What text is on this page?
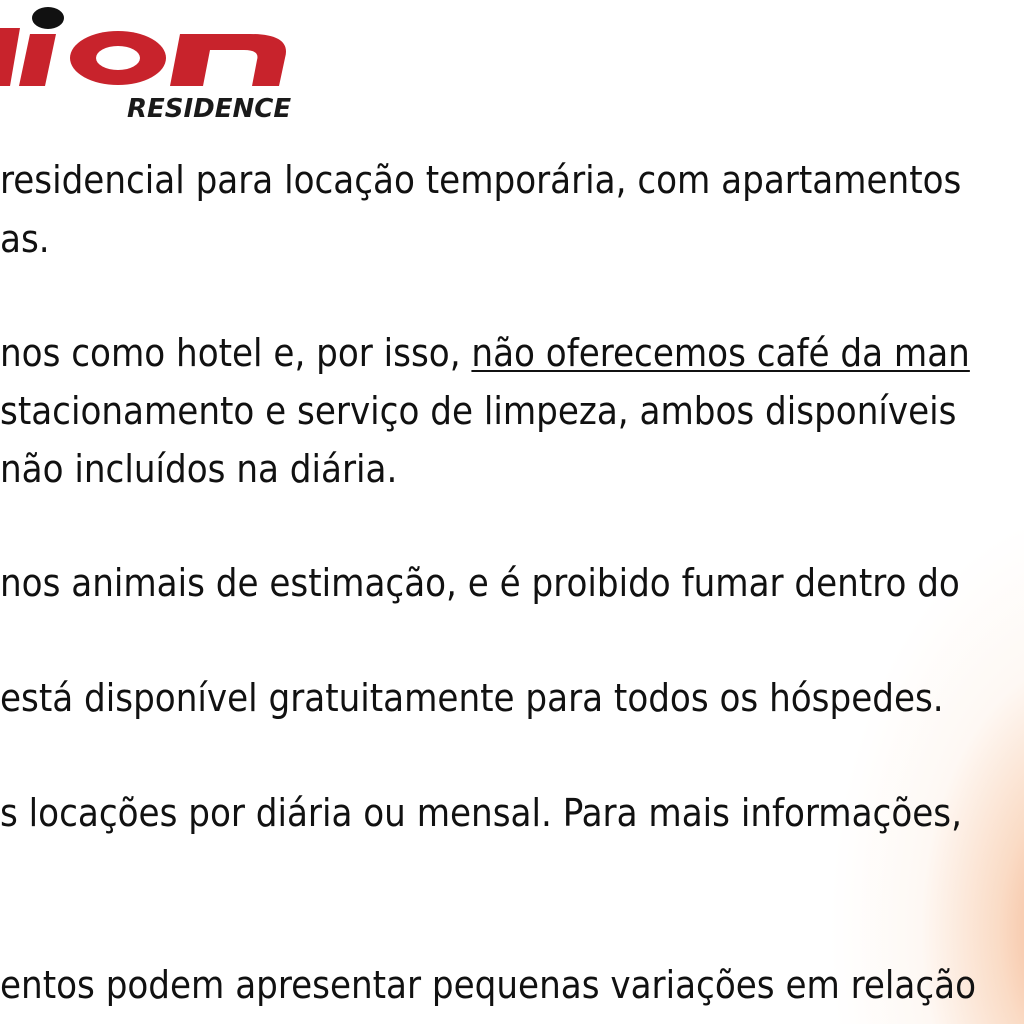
RESIDENCE
residencial para locação temporária, com apartamentos
as.
nos como hotel e, por isso, não oferecemos café da man
stacionamento e serviço de limpeza, ambos disponíveis
não incluídos na diária.
nos animais de estimação, e é proibido fumar dentro do
está disponível gratuitamente para todos os hóspedes.
s locações por diária ou mensal. Para mais informações,
entos podem apresentar pequenas variações em relação
